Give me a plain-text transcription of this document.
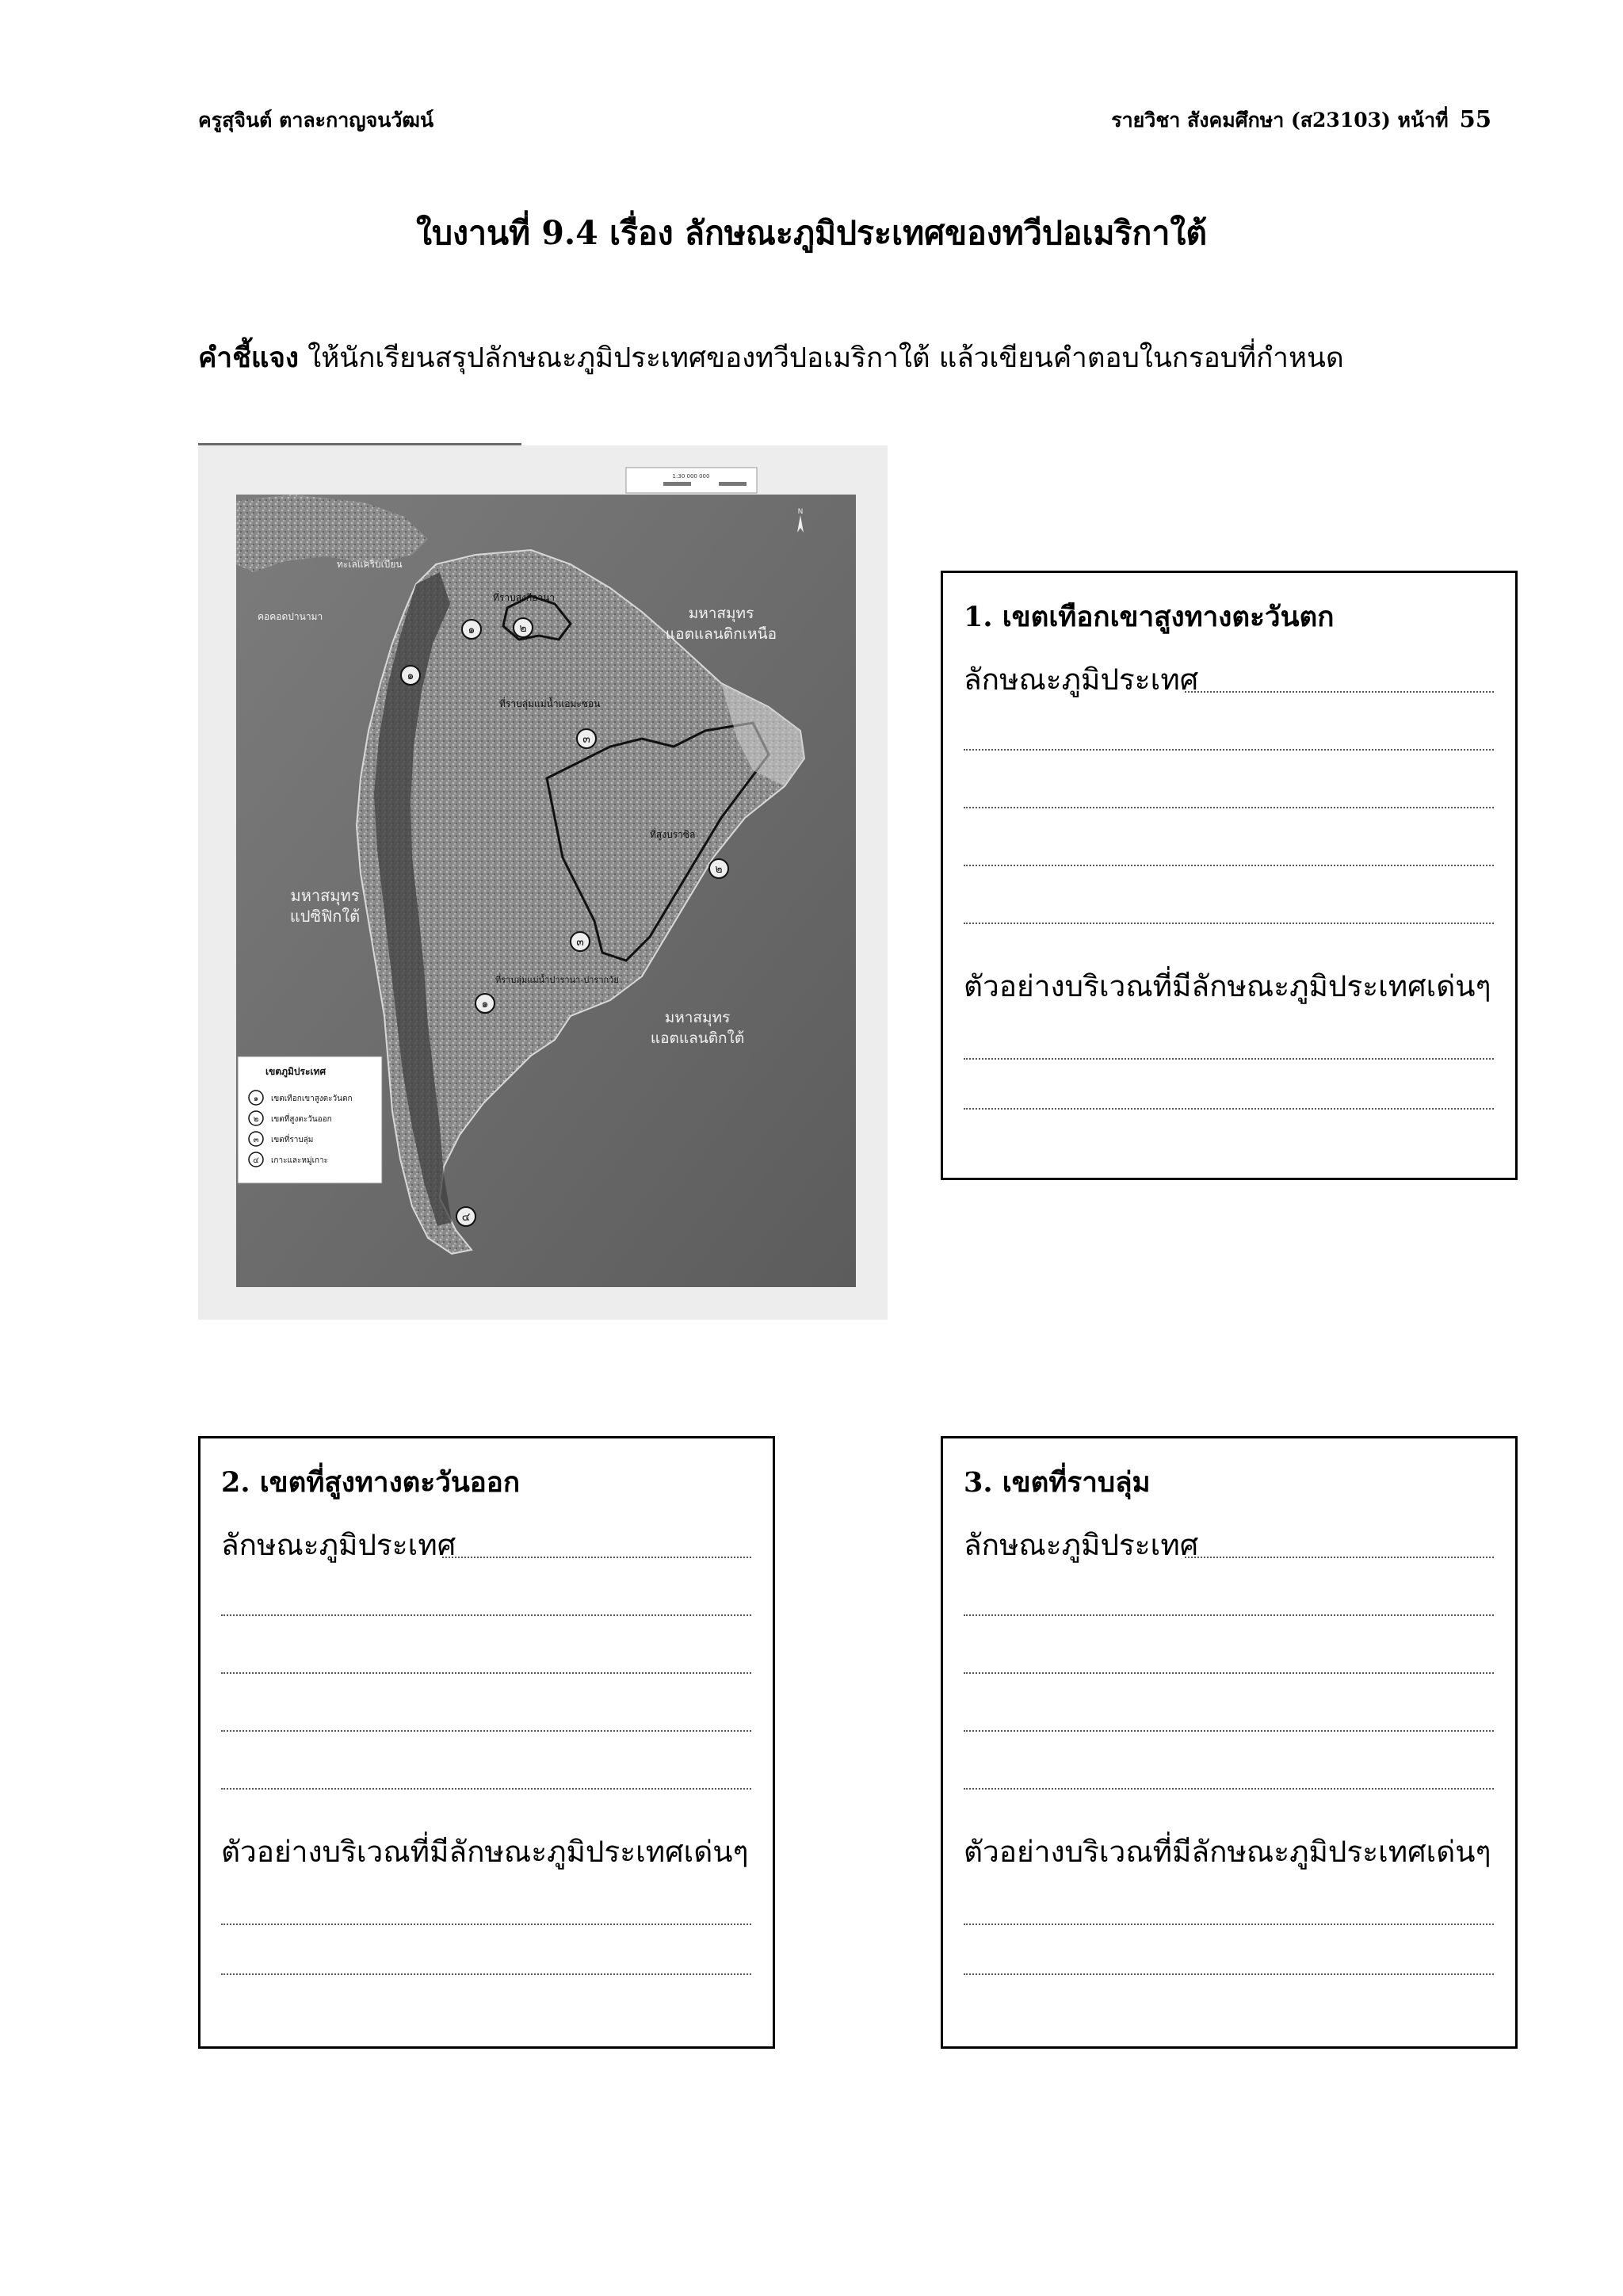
ครูสุจินต์ ตาละกาญจนวัฒน์	รายวิชา สังคมศึกษา (ส23103) หน้าที่ 55
ใบงานที่ 9.4 เรื่อง ลักษณะภูมิประเทศของทวีปอเมริกาใต้
คำชี้แจง ให้นักเรียนสรุปลักษณะภูมิประเทศของทวีปอเมริกาใต้ แล้วเขียนคำตอบในกรอบที่กำหนด
1:30 000 000
N
๑
๑
๒
๓
๒
๓
๑
๔
ทะเลแคริบเบียน
คอคอดปานามา
ที่ราบสูงกีอานา
ที่ราบลุ่มแม่น้ำแอมะซอน
มหาสมุทร
แอตแลนติกเหนือ
ที่สูงบราซิล
มหาสมุทร
แปซิฟิกใต้
ที่ราบลุ่มแม่น้ำปารานา-ปารากวัย
มหาสมุทร
แอตแลนติกใต้
เขตภูมิประเทศ
๑ เขตเทือกเขาสูงตะวันตก
๒ เขตที่สูงตะวันออก
๓ เขตที่ราบลุ่ม
๔ เกาะและหมู่เกาะ
1. เขตเทือกเขาสูงทางตะวันตก
ลักษณะภูมิประเทศ
ตัวอย่างบริเวณที่มีลักษณะภูมิประเทศเด่นๆ
2. เขตที่สูงทางตะวันออก
ลักษณะภูมิประเทศ
ตัวอย่างบริเวณที่มีลักษณะภูมิประเทศเด่นๆ
3. เขตที่ราบลุ่ม
ลักษณะภูมิประเทศ
ตัวอย่างบริเวณที่มีลักษณะภูมิประเทศเด่นๆ
